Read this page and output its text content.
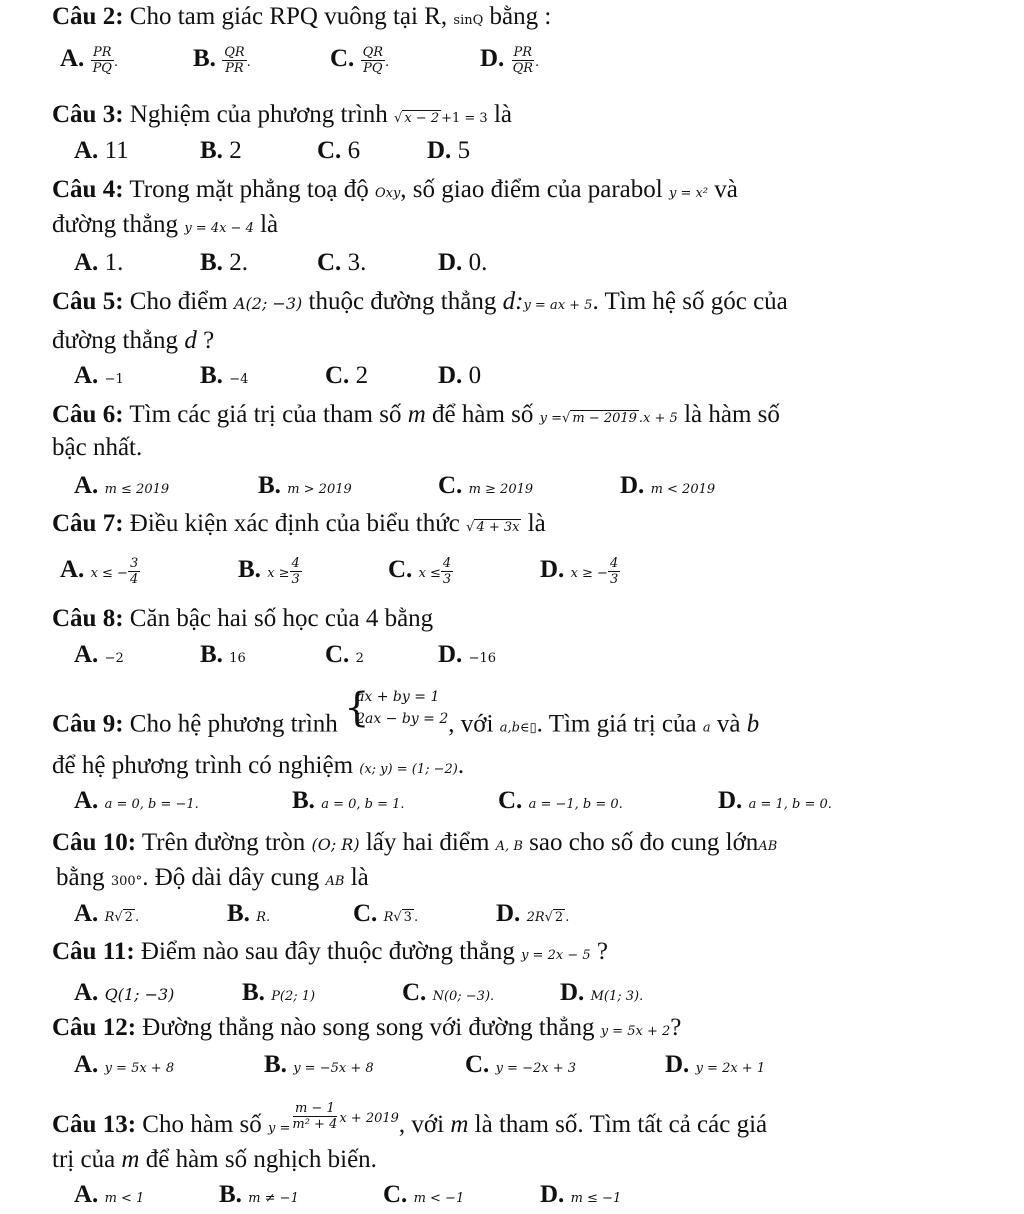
Câu 2: Cho tam giác RPQ vuông tại R, sinQ bằng :
A. $\frac{PR}{PQ}$ .	B. $\frac{QR}{PR}$ .	C. $\frac{QR}{PQ}$ .	D. $\frac{PR}{QR}$ .
Câu 3: Nghiệm của phương trình √ x − 2 +1 = 3 là
A. 11	B. 2	C. 6	D. 5
Câu 4: Trong mặt phẳng toạ độ Oxy, số giao điểm của parabol y = x² và
đường thẳng y = 4x − 4 là
A. 1.	B. 2.	C. 3.	D. 0.
Câu 5: Cho điểm A(2; −3) thuộc đường thẳng d:y = ax + 5. Tìm hệ số góc của
đường thẳng d ?
A. −1	B. −4	C. 2	D. 0
Câu 6: Tìm các giá trị của tham số m để hàm số y =√ m − 2019 .x + 5 là hàm số
bậc nhất.
A. m ≤ 2019	B. m > 2019	C. m ≥ 2019	D. m < 2019
Câu 7: Điều kiện xác định của biểu thức √ 4 + 3x là
A. x ≤ − $\frac{3}{4}$	B. $x \ge \frac{4}{3}$	C. $x \le \frac{4}{3}$	D. x ≥ − $\frac{4}{3}$
Câu 8: Căn bậc hai số học của 4 bằng
A. −2	B. 16	C. 2	D. −16
Câu 9: Cho hệ phương trình {
ax + by = 1
2ax − by = 2, với a,b∈▯. Tìm giá trị của a và b
để hệ phương trình có nghiệm (x; y) = (1; −2).
A. a = 0, b = −1.	B. a = 0, b = 1.	C. a = −1, b = 0.	D. a = 1, b = 0.
Câu 10: Trên đường tròn (O; R) lấy hai điểm A, B sao cho số đo cung lớnAB
bằng 300°. Độ dài dây cung AB là
A. R√ 2 .	B. R.	C. R√ 3 .	D. 2R√ 2 .
Câu 11: Điểm nào sau đây thuộc đường thẳng y = 2x − 5 ?
A. Q(1; −3)	B. P(2; 1)	C. N(0; −3).	D. M(1; 3).
Câu 12: Đường thẳng nào song song với đường thẳng y = 5x + 2?
A. y = 5x + 8	B. y = −5x + 8	C. y = −2x + 3	D. y = 2x + 1
Câu 13: Cho hàm số $y = \frac{m - 1}{\text{m² + 4}} ^{x + 2019}$, với m là tham số. Tìm tất cả các giá
trị của m để hàm số nghịch biến.
A. m < 1	B. m ≠ −1	C. m < −1	D. m ≤ −1
